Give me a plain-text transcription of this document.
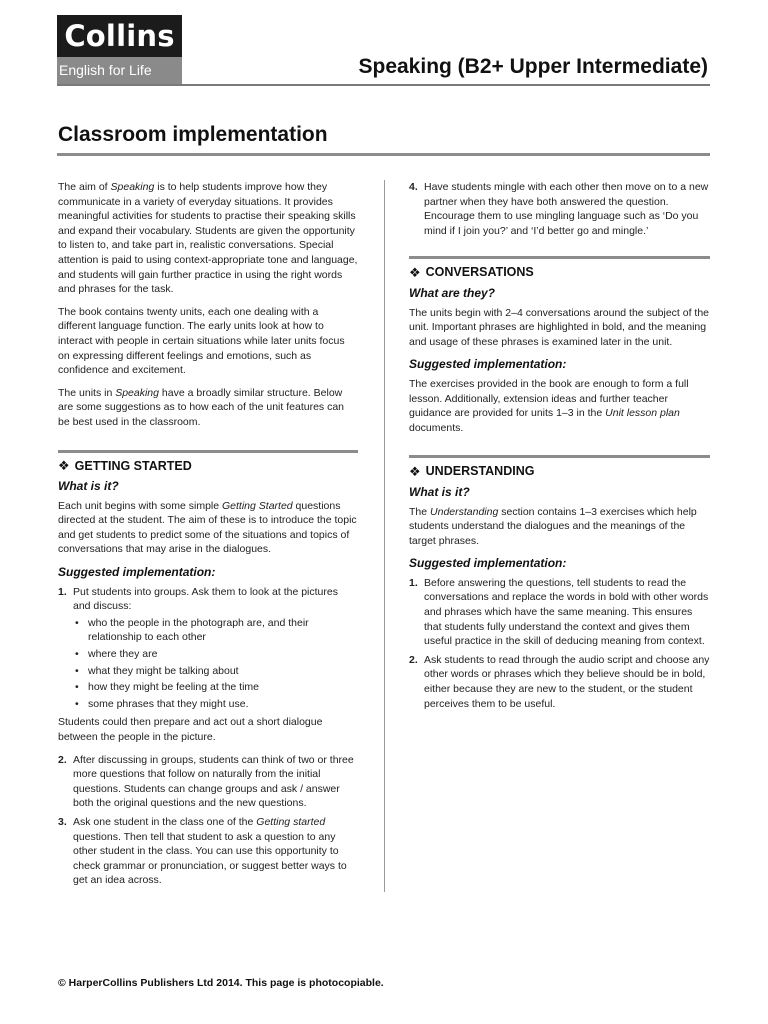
Collins
English for Life	Speaking (B2+ Upper Intermediate)
Classroom implementation

The aim of Speaking is to help students improve how they communicate in a variety of everyday situations. It provides meaningful activities for students to practise their speaking skills and expand their vocabulary. Students are given the opportunity to listen to, and take part in, realistic conversations. Special attention is paid to using context-appropriate tone and language, and students will gain further practice in using the right words and phrases for the task.

The book contains twenty units, each one dealing with a different language function. The early units look at how to interact with people in certain situations while later units focus on expressing different feelings and emotions, such as confidence and excitement.

The units in Speaking have a broadly similar structure. Below are some suggestions as to how each of the unit features can be best used in the classroom.

❖ GETTING STARTED
What is it?

Each unit begins with some simple Getting Started questions directed at the student. The aim of these is to introduce the topic and get students to predict some of the situations and topics of conversations that may arise in the dialogues.

Suggested implementation:
1. Put students into groups. Ask them to look at the pictures and discuss:
• who the people in the photograph are, and their relationship to each other
• where they are
• what they might be talking about
• how they might be feeling at the time
• some phrases that they might use.

Students could then prepare and act out a short dialogue between the people in the picture.

2. After discussing in groups, students can think of two or three more questions that follow on naturally from the initial questions. Students can change groups and ask / answer both the original questions and the new questions.
3. Ask one student in the class one of the Getting started questions. Then tell that student to ask a question to any other student in the class. You can use this opportunity to check grammar or pronunciation, or suggest better ways to get an idea across.
4. Have students mingle with each other then move on to a new partner when they have both answered the question. Encourage them to use mingling language such as ‘Do you mind if I join you?’ and ‘I’d better go and mingle.’
❖ CONVERSATIONS
What are they?

The units begin with 2–4 conversations around the subject of the unit. Important phrases are highlighted in bold, and the meaning and usage of these phrases is examined later in the unit.

Suggested implementation:

The exercises provided in the book are enough to form a full lesson. Additionally, extension ideas and further teacher guidance are provided for units 1–3 in the Unit lesson plan documents.

❖ UNDERSTANDING
What is it?

The Understanding section contains 1–3 exercises which help students understand the dialogues and the meanings of the target phrases.

Suggested implementation:
1. Before answering the questions, tell students to read the conversations and replace the words in bold with other words and phrases which have the same meaning. This ensures that students fully understand the context and gives them useful practice in the skill of deducing meaning from context.
2. Ask students to read through the audio script and choose any other words or phrases which they believe should be in bold, either because they are new to the student, or the student perceives them to be useful.
© HarperCollins Publishers Ltd 2014. This page is photocopiable.
